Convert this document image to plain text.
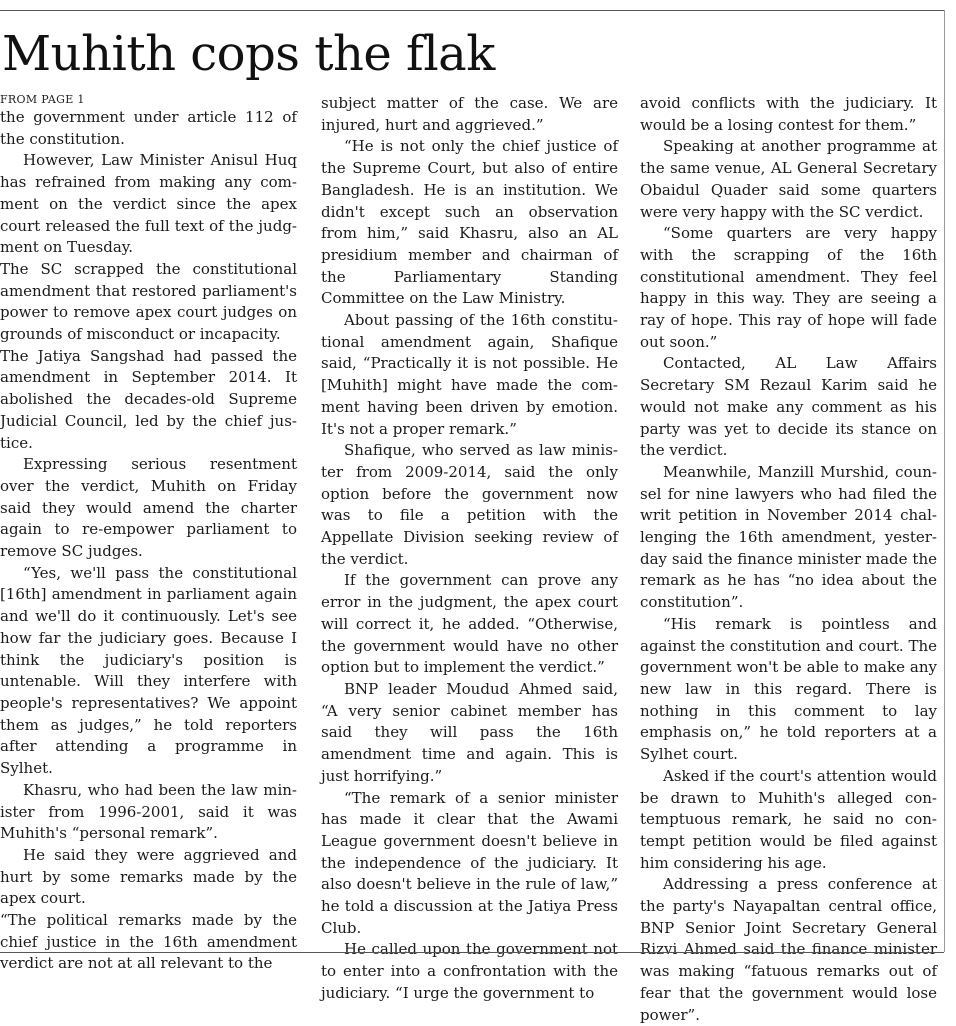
Muhith cops the flak
FROM PAGE 1

the government under article 112 of the constitution.

However, Law Minister Anisul Huq has refrained from making any comment on the verdict since the apex court released the full text of the judgment on Tuesday.

The SC scrapped the constitutional amendment that restored parliament's power to remove apex court judges on grounds of misconduct or incapacity.

The Jatiya Sangshad had passed the amendment in September 2014. It abolished the decades-old Supreme Judicial Council, led by the chief justice.

Expressing serious resentment over the verdict, Muhith on Friday said they would amend the charter again to re-empower parliament to remove SC judges.

“Yes, we'll pass the constitutional [16th] amendment in parliament again and we'll do it continuously. Let's see how far the judiciary goes. Because I think the judiciary's position is untenable. Will they interfere with people's representatives? We appoint them as judges,” he told reporters after attending a programme in Sylhet.

Khasru, who had been the law minister from 1996-2001, said it was Muhith's “personal remark”.

He said they were aggrieved and hurt by some remarks made by the apex court.

“The political remarks made by the chief justice in the 16th amendment verdict are not at all relevant to the

subject matter of the case. We are injured, hurt and aggrieved.”

“He is not only the chief justice of the Supreme Court, but also of entire Bangladesh. He is an institution. We didn't except such an observation from him,” said Khasru, also an AL presidium member and chairman of the Parliamentary Standing Committee on the Law Ministry.

About passing of the 16th constitutional amendment again, Shafique said, “Practically it is not possible. He [Muhith] might have made the comment having been driven by emotion. It's not a proper remark.”

Shafique, who served as law minister from 2009-2014, said the only option before the government now was to file a petition with the Appellate Division seeking review of the verdict.

If the government can prove any error in the judgment, the apex court will correct it, he added. “Otherwise, the government would have no other option but to implement the verdict.”

BNP leader Moudud Ahmed said, “A very senior cabinet member has said they will pass the 16th amendment time and again. This is just horrifying.”

“The remark of a senior minister has made it clear that the Awami League government doesn't believe in the independence of the judiciary. It also doesn't believe in the rule of law,” he told a discussion at the Jatiya Press Club.

He called upon the government not to enter into a confrontation with the judiciary. “I urge the government to

avoid conflicts with the judiciary. It would be a losing contest for them.”

Speaking at another programme at the same venue, AL General Secretary Obaidul Quader said some quarters were very happy with the SC verdict.

“Some quarters are very happy with the scrapping of the 16th constitutional amendment. They feel happy in this way. They are seeing a ray of hope. This ray of hope will fade out soon.”

Contacted, AL Law Affairs Secretary SM Rezaul Karim said he would not make any comment as his party was yet to decide its stance on the verdict.

Meanwhile, Manzill Murshid, counsel for nine lawyers who had filed the writ petition in November 2014 challenging the 16th amendment, yesterday said the finance minister made the remark as he has “no idea about the constitution”.

“His remark is pointless and against the constitution and court. The government won't be able to make any new law in this regard. There is nothing in this comment to lay emphasis on,” he told reporters at a Sylhet court.

Asked if the court's attention would be drawn to Muhith's alleged contemptuous remark, he said no contempt petition would be filed against him considering his age.

Addressing a press conference at the party's Nayapaltan central office, BNP Senior Joint Secretary General Rizvi Ahmed said the finance minister was making “fatuous remarks out of fear that the government would lose power”.
